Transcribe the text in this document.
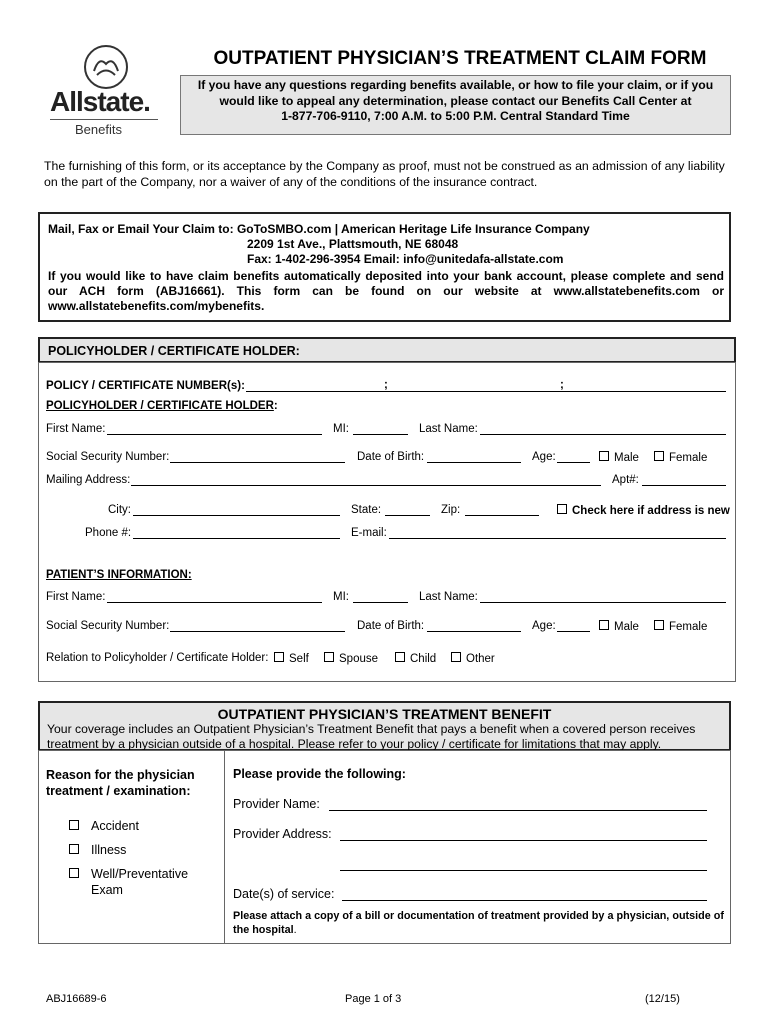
Allstate.
Benefits
OUTPATIENT PHYSICIAN’S TREATMENT CLAIM FORM
If you have any questions regarding benefits available, or how to file your claim, or if you
would like to appeal any determination, please contact our Benefits Call Center at
1-877-706-9110, 7:00 A.M. to 5:00 P.M. Central Standard Time
The furnishing of this form, or its acceptance by the Company as proof, must not be construed as an admission of any liability on the part of the Company, nor a waiver of any of the conditions of the insurance contract.
Mail, Fax or Email Your Claim to: GoToSMBO.com | American Heritage Life Insurance Company
2209 1st Ave., Plattsmouth, NE 68048
Fax: 1-402-296-3954 Email: info@unitedafa-allstate.com
If you would like to have claim benefits automatically deposited into your bank account, please complete and send our ACH form (ABJ16661). This form can be found on our website at www.allstatebenefits.com or www.allstatebenefits.com/mybenefits.
POLICYHOLDER / CERTIFICATE HOLDER:
POLICY / CERTIFICATE NUMBER(s):	;	;
POLICYHOLDER / CERTIFICATE HOLDER:
First Name:	MI:	Last Name:
Social Security Number:	Date of Birth:	Age:	Male	Female
Mailing Address:	Apt#:
City:	State:	Zip:	Check here if address is new
Phone #:	E-mail:
PATIENT’S INFORMATION:
First Name:	MI:	Last Name:
Social Security Number:	Date of Birth:	Age:	Male	Female
Relation to Policyholder / Certificate Holder:	Self	Spouse	Child	Other
OUTPATIENT PHYSICIAN’S TREATMENT BENEFIT
Your coverage includes an Outpatient Physician’s Treatment Benefit that pays a benefit when a covered person receives treatment by a physician outside of a hospital. Please refer to your policy / certificate for limitations that may apply.
Reason for the physician treatment / examination:
Accident
Illness
Well/Preventative
Exam
Please provide the following:
Provider Name:
Provider Address:
Date(s) of service:
Please attach a copy of a bill or documentation of treatment provided by a physician, outside of the hospital.
ABJ16689-6	Page 1 of 3	(12/15)
